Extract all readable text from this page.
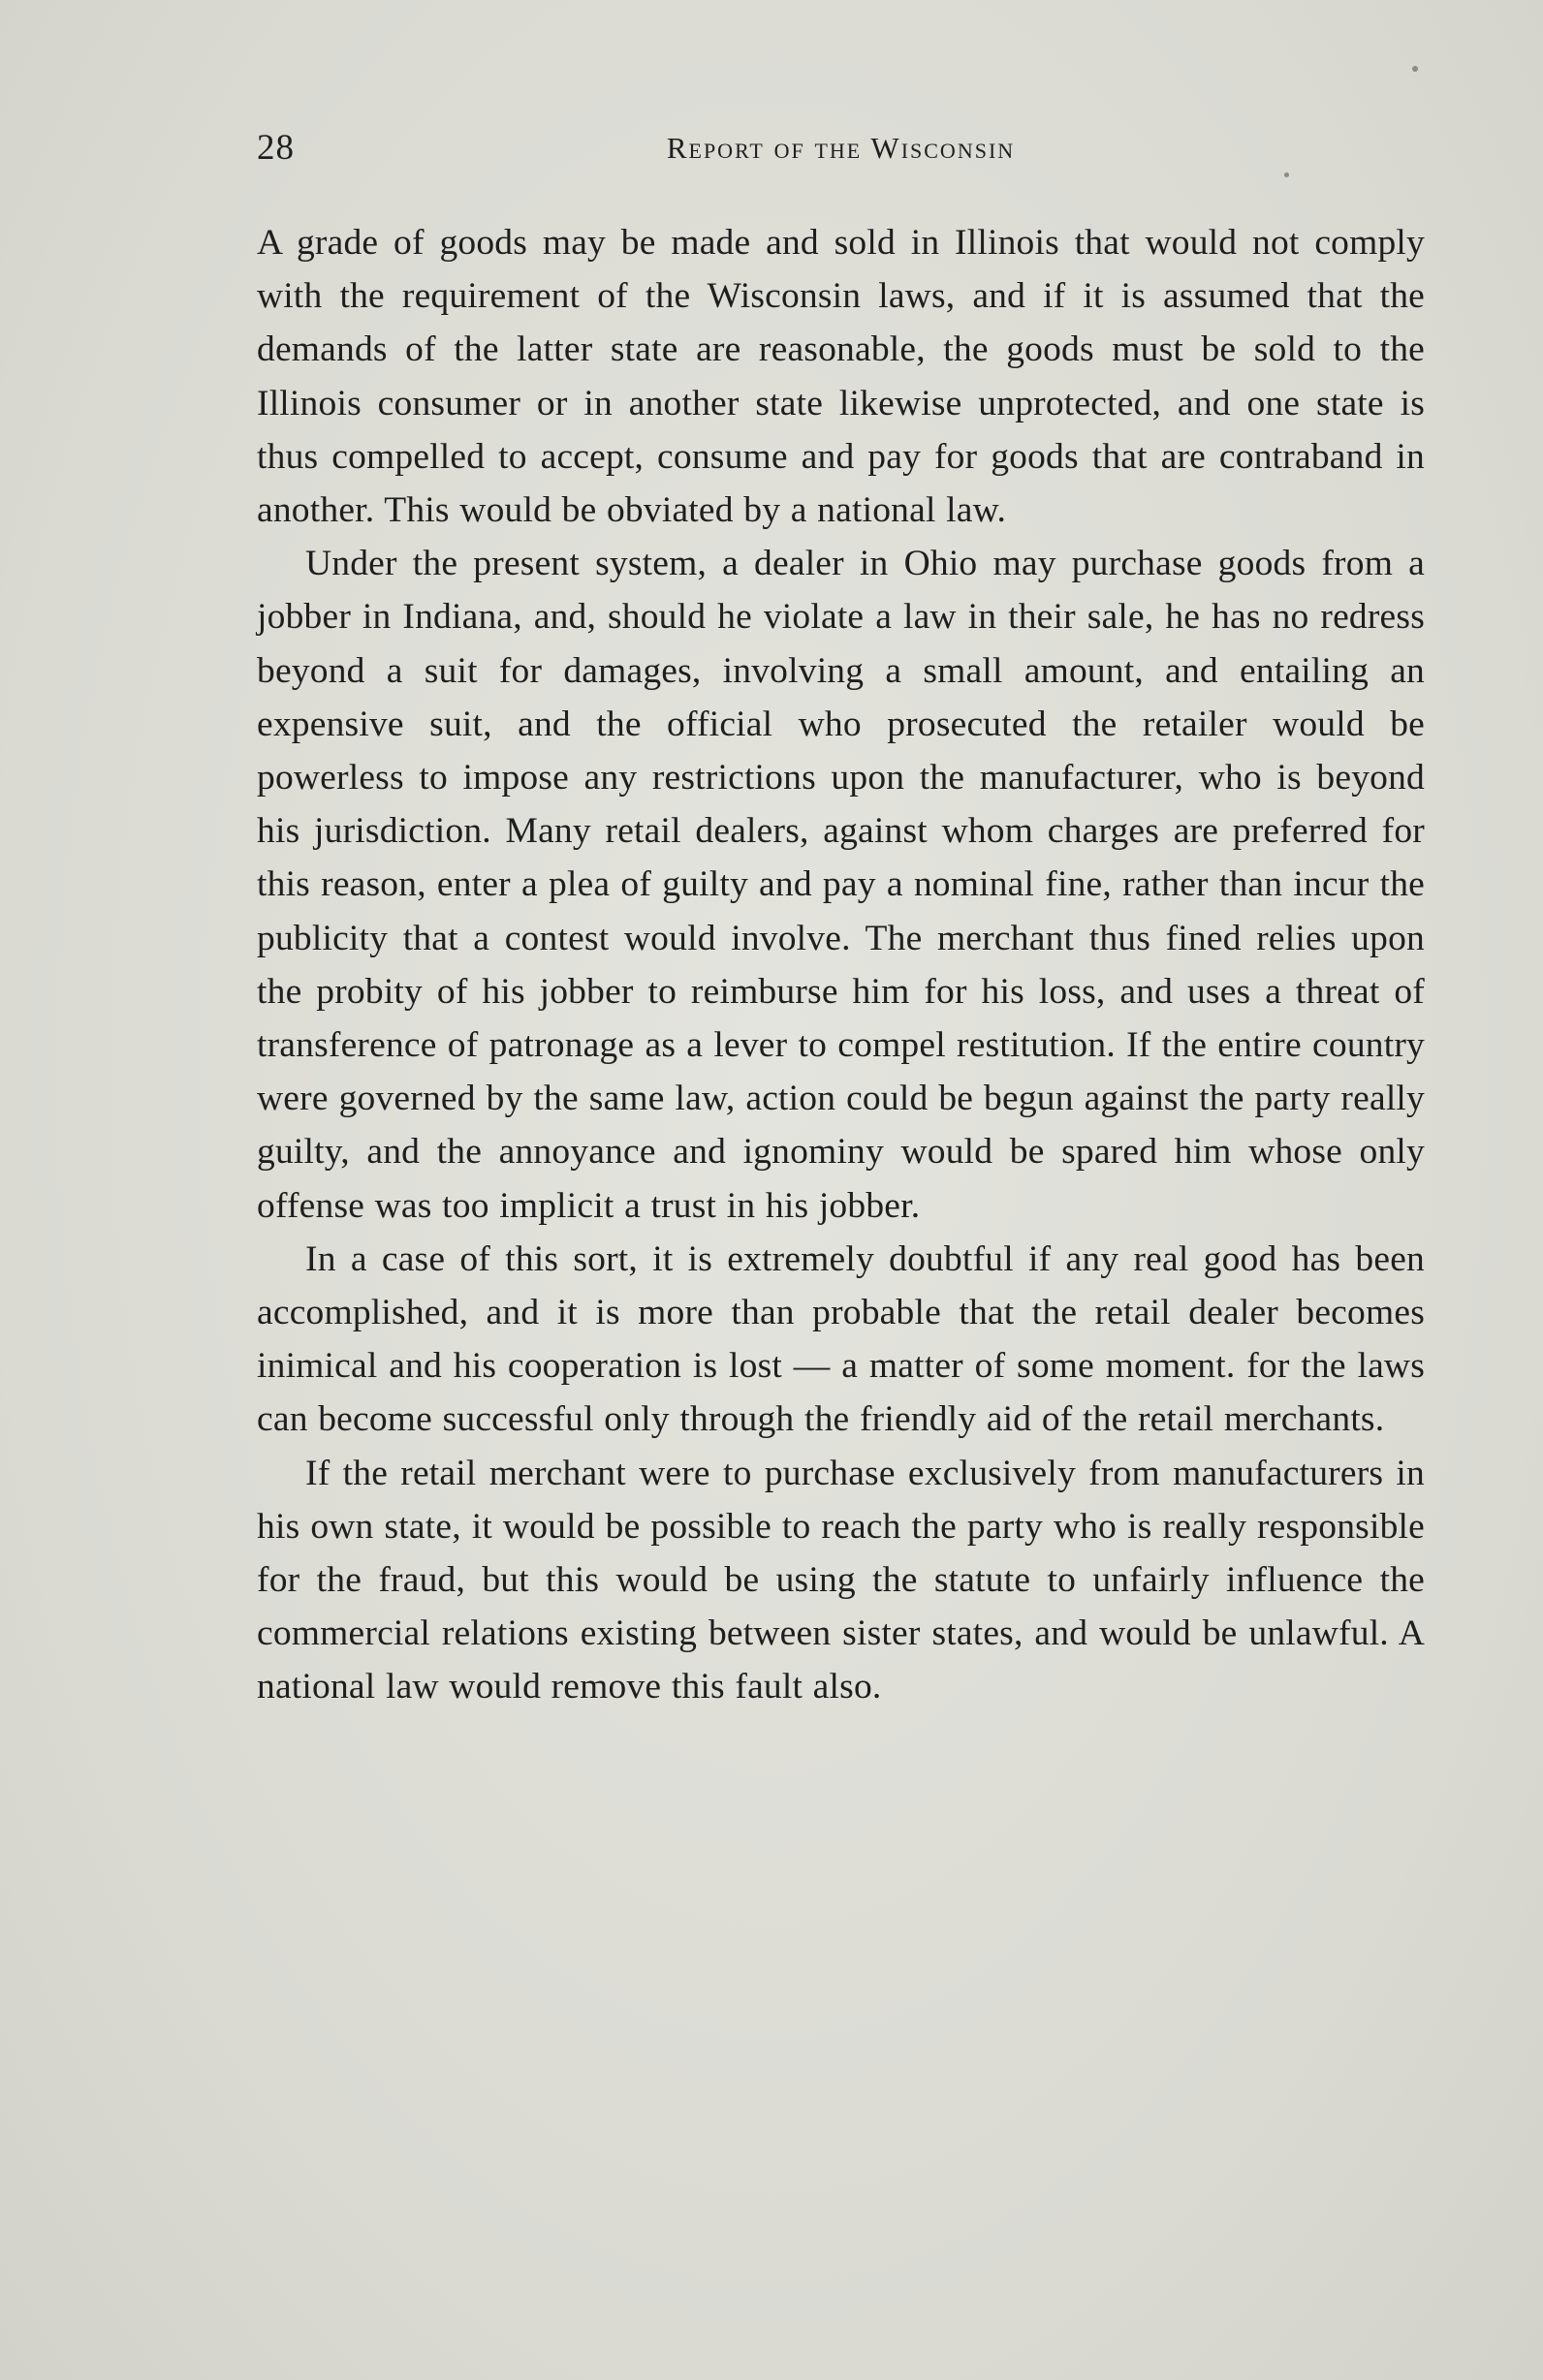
28	Report of the Wisconsin

A grade of goods may be made and sold in Illinois that would not comply with the requirement of the Wisconsin laws, and if it is assumed that the demands of the latter state are reasonable, the goods must be sold to the Illinois consumer or in another state likewise unprotected, and one state is thus compelled to accept, consume and pay for goods that are contraband in another. This would be obviated by a national law.

Under the present system, a dealer in Ohio may purchase goods from a jobber in Indiana, and, should he violate a law in their sale, he has no redress beyond a suit for damages, involving a small amount, and entailing an expensive suit, and the official who prosecuted the retailer would be powerless to impose any restrictions upon the manufacturer, who is beyond his jurisdiction. Many retail dealers, against whom charges are preferred for this reason, enter a plea of guilty and pay a nominal fine, rather than incur the publicity that a contest would involve. The merchant thus fined relies upon the probity of his jobber to reimburse him for his loss, and uses a threat of transference of patronage as a lever to compel restitution. If the entire country were governed by the same law, action could be begun against the party really guilty, and the annoyance and ignominy would be spared him whose only offense was too implicit a trust in his jobber.

In a case of this sort, it is extremely doubtful if any real good has been accomplished, and it is more than probable that the retail dealer becomes inimical and his cooperation is lost — a matter of some moment. for the laws can become successful only through the friendly aid of the retail merchants.

If the retail merchant were to purchase exclusively from manufacturers in his own state, it would be possible to reach the party who is really responsible for the fraud, but this would be using the statute to unfairly influence the commercial relations existing between sister states, and would be unlawful. A national law would remove this fault also.
